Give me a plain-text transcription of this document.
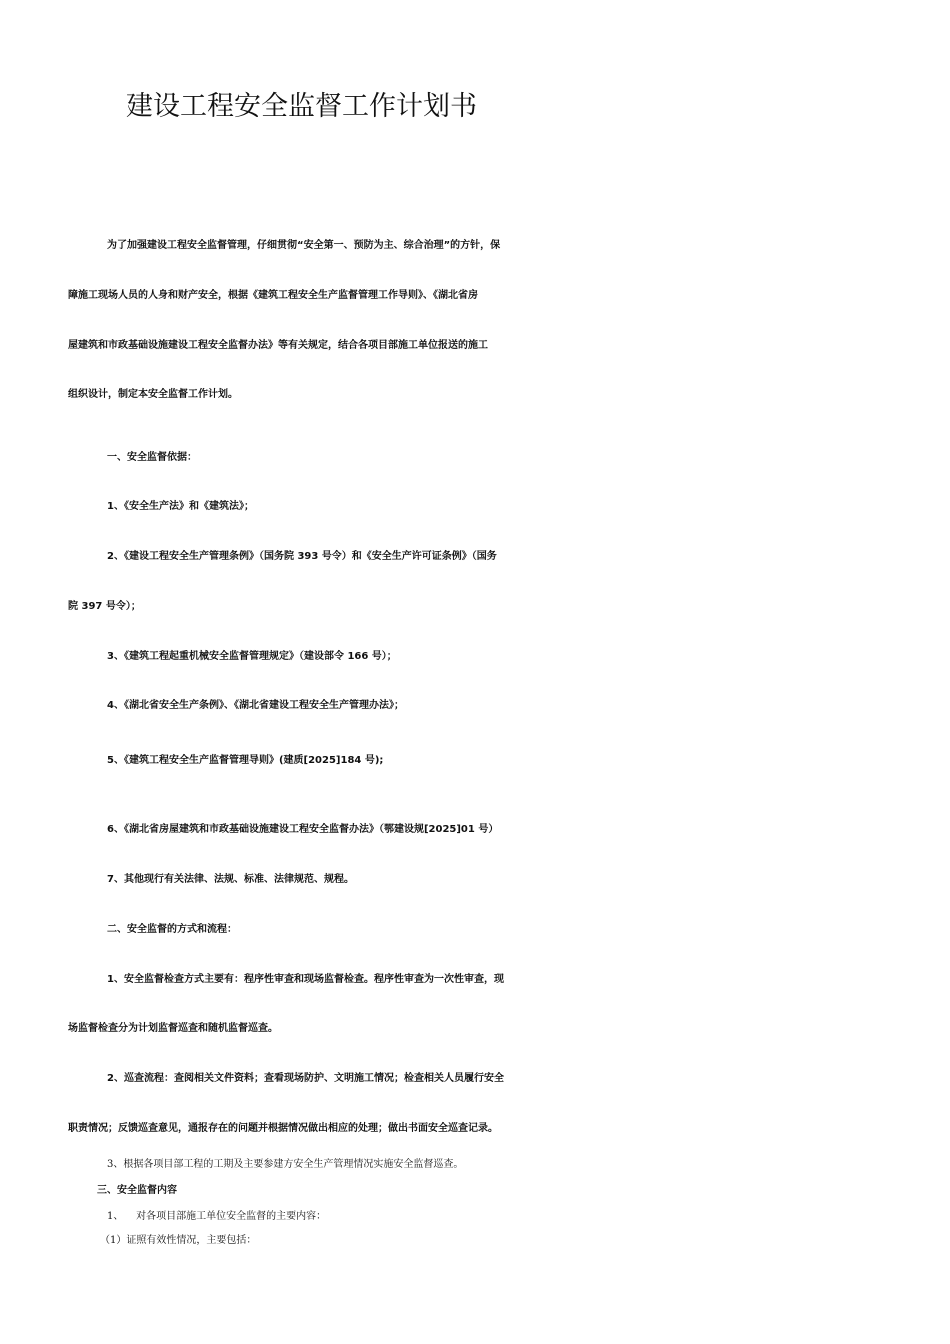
建设工程安全监督工作计划书
为了加强建设工程安全监督管理，仔细贯彻“安全第一、预防为主、综合治理”的方针，保
障施工现场人员的人身和财产安全，根据《建筑工程安全生产监督管理工作导则》、《湖北省房
屋建筑和市政基础设施建设工程安全监督办法》等有关规定，结合各项目部施工单位报送的施工
组织设计，制定本安全监督工作计划。
一、安全监督依据：
1、《安全生产法》和《建筑法》；
2、《建设工程安全生产管理条例》（国务院 393 号令）和《安全生产许可证条例》（国务
院 397 号令）；
3、《建筑工程起重机械安全监督管理规定》（建设部令 166 号）；
4、《湖北省安全生产条例》、《湖北省建设工程安全生产管理办法》；
5、《建筑工程安全生产监督管理导则》(建质[2025]184 号);
6、《湖北省房屋建筑和市政基础设施建设工程安全监督办法》（鄂建设规[2025]01 号）
7、其他现行有关法律、法规、标准、法律规范、规程。
二、安全监督的方式和流程：
1、安全监督检查方式主要有：程序性审查和现场监督检查。程序性审查为一次性审查，现
场监督检查分为计划监督巡查和随机监督巡查。
2、巡查流程：查阅相关文件资料；查看现场防护、文明施工情况；检查相关人员履行安全
职责情况；反馈巡查意见，通报存在的问题并根据情况做出相应的处理；做出书面安全巡查记录。
3、根据各项目部工程的工期及主要参建方安全生产管理情况实施安全监督巡查。
三、安全监督内容
1、    对各项目部施工单位安全监督的主要内容：
（1）证照有效性情况，主要包括：
